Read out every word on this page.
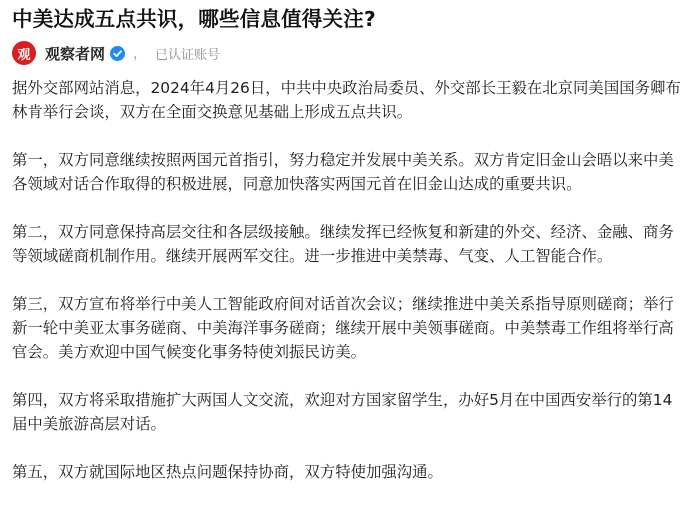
中美达成五点共识，哪些信息值得关注?
观 观察者网 ， 已认证账号

据外交部网站消息，2024年4月26日，中共中央政治局委员、外交部长王毅在北京同美国国务卿布林肯举行会谈，双方在全面交换意见基础上形成五点共识。

第一，双方同意继续按照两国元首指引，努力稳定并发展中美关系。双方肯定旧金山会晤以来中美各领域对话合作取得的积极进展，同意加快落实两国元首在旧金山达成的重要共识。

第二，双方同意保持高层交往和各层级接触。继续发挥已经恢复和新建的外交、经济、金融、商务等领域磋商机制作用。继续开展两军交往。进一步推进中美禁毒、气变、人工智能合作。

第三，双方宣布将举行中美人工智能政府间对话首次会议；继续推进中美关系指导原则磋商；举行新一轮中美亚太事务磋商、中美海洋事务磋商；继续开展中美领事磋商。中美禁毒工作组将举行高官会。美方欢迎中国气候变化事务特使刘振民访美。

第四，双方将采取措施扩大两国人文交流，欢迎对方国家留学生，办好5月在中国西安举行的第14届中美旅游高层对话。

第五，双方就国际地区热点问题保持协商，双方特使加强沟通。
